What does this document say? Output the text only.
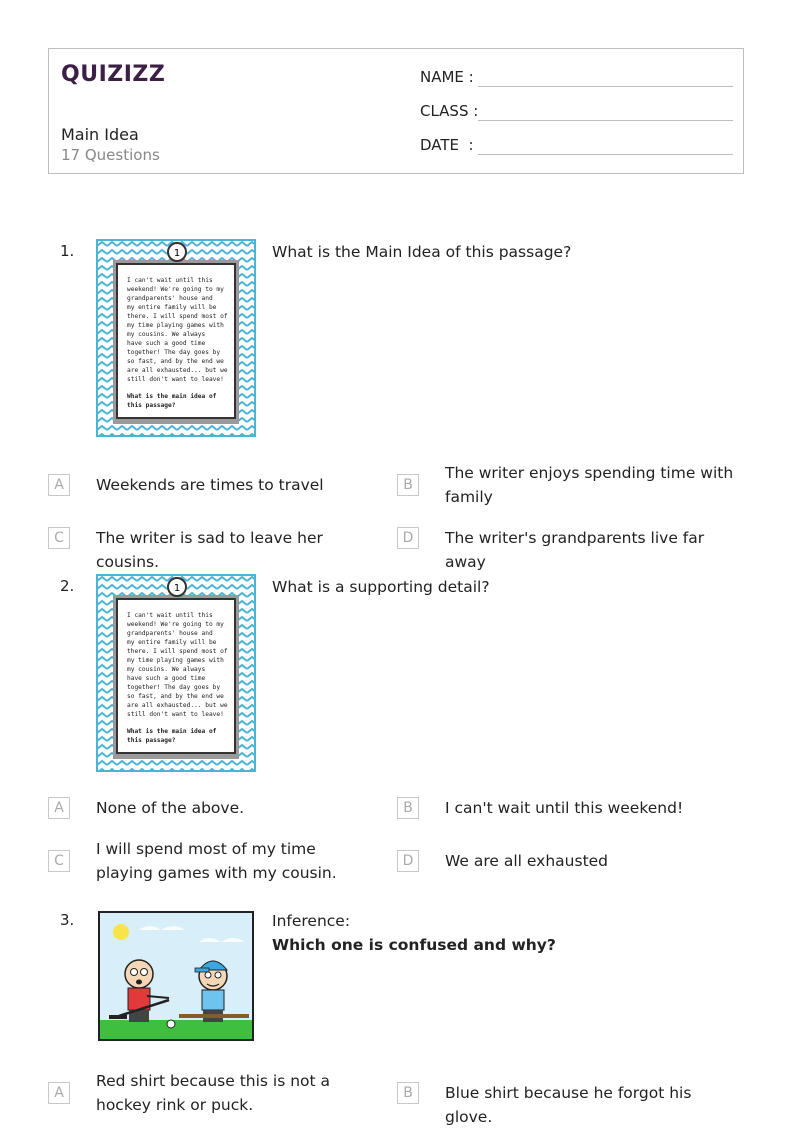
QUIZIZZ
Main Idea
17 Questions
NAME :
CLASS :
DATE  :
1.	1
I can't wait until this
weekend! We're going to my
grandparents' house and
my entire family will be
there. I will spend most of
my time playing games with
my cousins. We always
have such a good time
together! The day goes by
so fast, and by the end we
are all exhausted... but we
still don't want to leave!
What is the main idea of
this passage?
What is the Main Idea of this passage?
A	Weekends are times to travel	B
The writer enjoys spending time with family
C	The writer is sad to leave her cousins.
D	The writer's grandparents live far away
2.	1
I can't wait until this
weekend! We're going to my
grandparents' house and
my entire family will be
there. I will spend most of
my time playing games with
my cousins. We always
have such a good time
together! The day goes by
so fast, and by the end we
are all exhausted... but we
still don't want to leave!
What is the main idea of
this passage?
What is a supporting detail?
A	None of the above.	B	I can't wait until this weekend!
C
I will spend most of my time playing games with my cousin.
D	We are all exhausted
3.	Inference:
Which one is confused and why?
A
Red shirt because this is not a hockey rink or puck.
B	Blue shirt because he forgot his glove.
